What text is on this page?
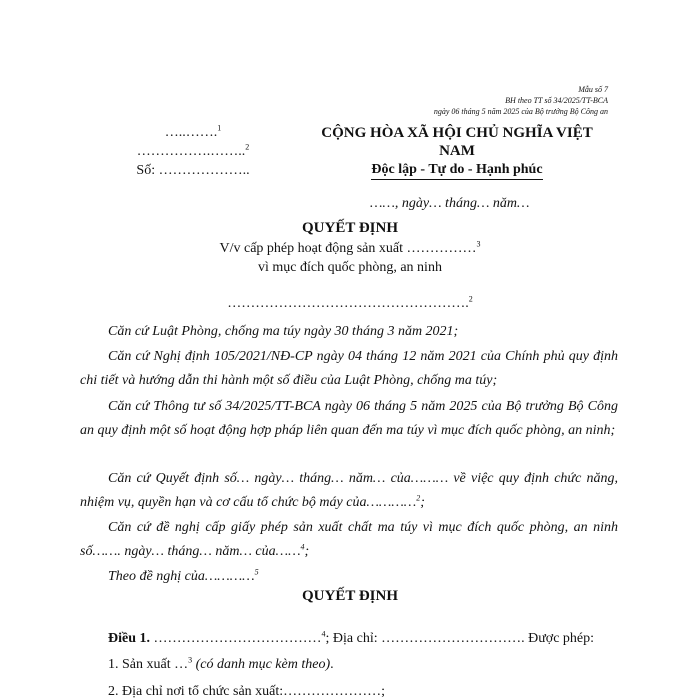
Mẫu số 7
BH theo TT số 34/2025/TT-BCA
ngày 06 tháng 5 năm 2025 của Bộ trưởng Bộ Công an
…..…….$^1$
…………….……..$^2$
Số: ………………..
CỘNG HÒA XÃ HỘI CHỦ NGHĨA VIỆT NAM
Độc lập - Tự do - Hạnh phúc
……, ngày… tháng… năm…
QUYẾT ĐỊNH
V/v cấp phép hoạt động sản xuất ……………$^3$
vì mục đích quốc phòng, an ninh
…………………………………………….$^2$
Căn cứ Luật Phòng, chống ma túy ngày 30 tháng 3 năm 2021;
Căn cứ Nghị định 105/2021/NĐ-CP ngày 04 tháng 12 năm 2021 của Chính phủ quy định chi tiết và hướng dẫn thi hành một số điều của Luật Phòng, chống ma túy;
Căn cứ Thông tư số 34/2025/TT-BCA ngày 06 tháng 5 năm 2025 của Bộ trưởng Bộ Công an quy định một số hoạt động hợp pháp liên quan đến ma túy vì mục đích quốc phòng, an ninh;
Căn cứ Quyết định số… ngày… tháng… năm… của……… về việc quy định chức năng, nhiệm vụ, quyền hạn và cơ cấu tổ chức bộ máy của…………$^2$;
Căn cứ đề nghị cấp giấy phép sản xuất chất ma túy vì mục đích quốc phòng, an ninh số……. ngày… tháng… năm… của……$^4$;
Theo đề nghị của…………$^5$
QUYẾT ĐỊNH
Điều 1. ………………………………$^4$; Địa chỉ: …………………………. Được phép:
1. Sản xuất …$^3$ (có danh mục kèm theo).
2. Địa chỉ nơi tổ chức sản xuất:…………………;
